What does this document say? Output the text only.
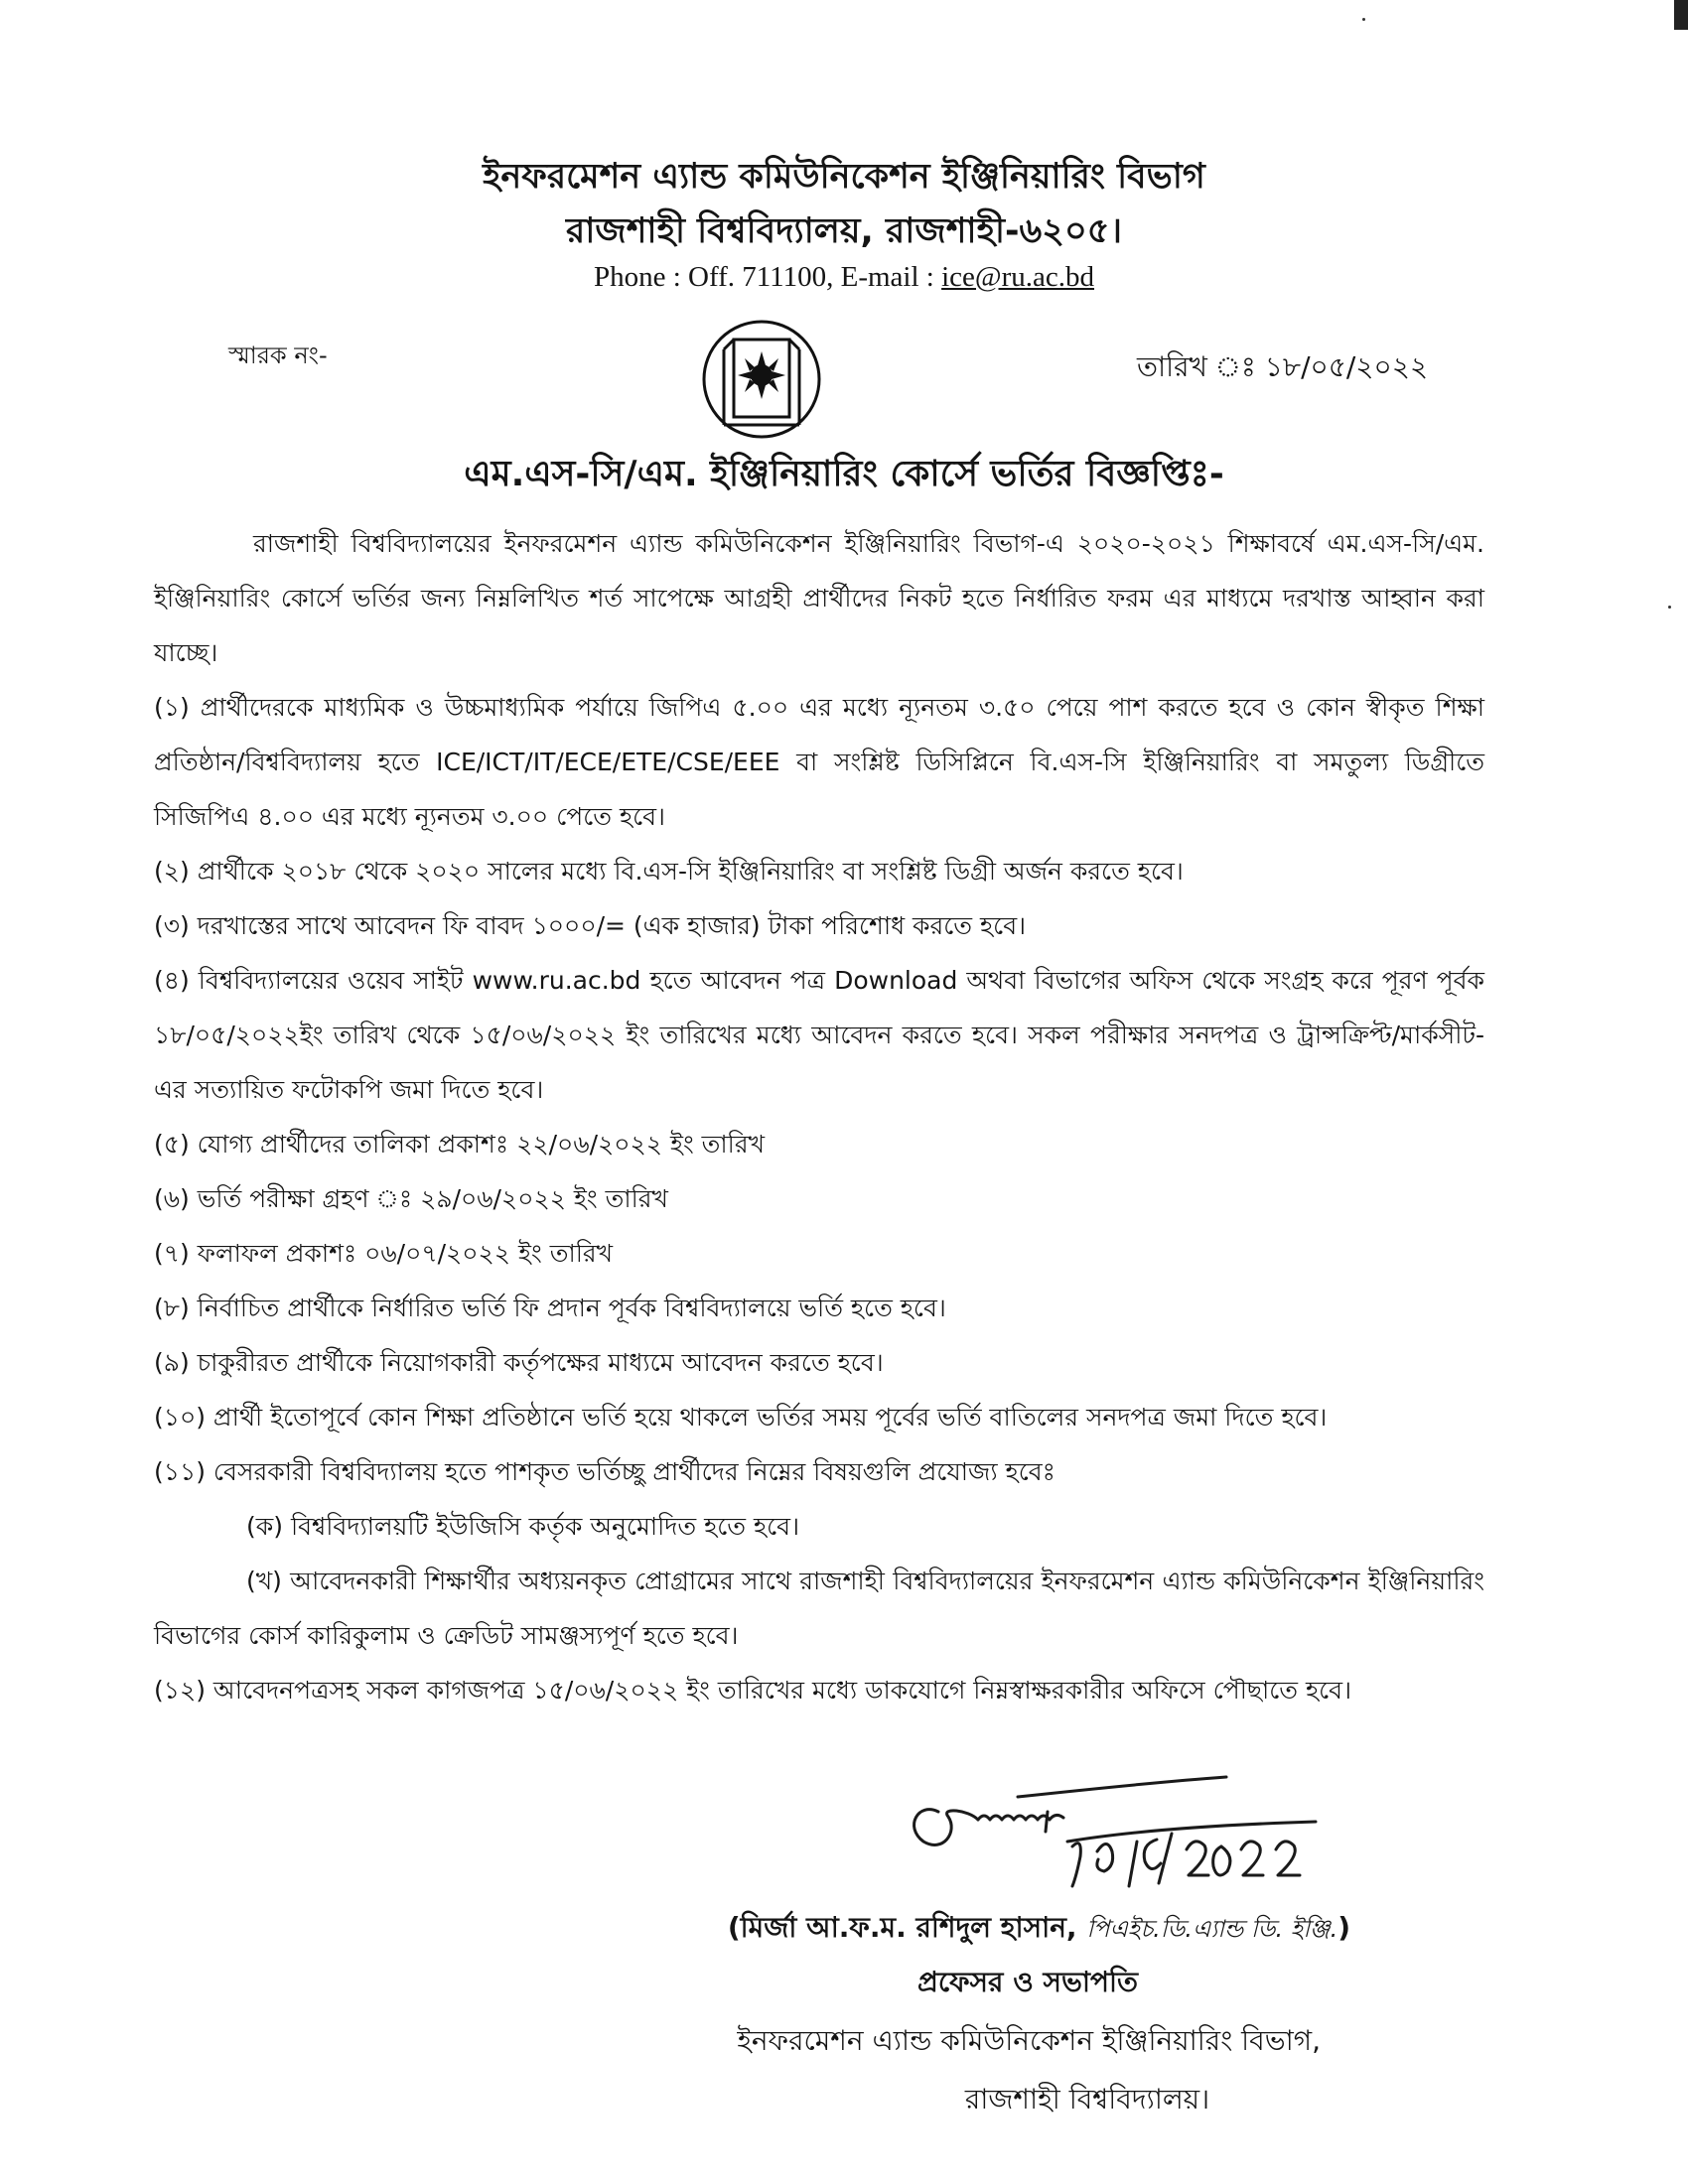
ইনফরমেশন এ্যান্ড কমিউনিকেশন ইঞ্জিনিয়ারিং বিভাগ
রাজশাহী বিশ্ববিদ্যালয়, রাজশাহী-৬২০৫।
Phone : Off. 711100, E-mail : ice@ru.ac.bd
স্মারক নং-	তারিখ ঃ ১৮/০৫/২০২২
এম.এস-সি/এম. ইঞ্জিনিয়ারিং কোর্সে ভর্তির বিজ্ঞপ্তিঃ-

রাজশাহী বিশ্ববিদ্যালয়ের ইনফরমেশন এ্যান্ড কমিউনিকেশন ইঞ্জিনিয়ারিং বিভাগ-এ ২০২০-২০২১ শিক্ষাবর্ষে এম.এস-সি/এম. ইঞ্জিনিয়ারিং কোর্সে ভর্তির জন্য নিম্নলিখিত শর্ত সাপেক্ষে আগ্রহী প্রার্থীদের নিকট হতে নির্ধারিত ফরম এর মাধ্যমে দরখাস্ত আহ্বান করা যাচ্ছে।

(১) প্রার্থীদেরকে মাধ্যমিক ও উচ্চমাধ্যমিক পর্যায়ে জিপিএ ৫.০০ এর মধ্যে ন্যূনতম ৩.৫০ পেয়ে পাশ করতে হবে ও কোন স্বীকৃত শিক্ষা প্রতিষ্ঠান/বিশ্ববিদ্যালয় হতে ICE/ICT/IT/ECE/ETE/CSE/EEE বা সংশ্লিষ্ট ডিসিপ্লিনে বি.এস-সি ইঞ্জিনিয়ারিং বা সমতুল্য ডিগ্রীতে সিজিপিএ ৪.০০ এর মধ্যে ন্যূনতম ৩.০০ পেতে হবে।

(২) প্রার্থীকে ২০১৮ থেকে ২০২০ সালের মধ্যে বি.এস-সি ইঞ্জিনিয়ারিং বা সংশ্লিষ্ট ডিগ্রী অর্জন করতে হবে।

(৩) দরখাস্তের সাথে আবেদন ফি বাবদ ১০০০/= (এক হাজার) টাকা পরিশোধ করতে হবে।

(৪) বিশ্ববিদ্যালয়ের ওয়েব সাইট www.ru.ac.bd হতে আবেদন পত্র Download অথবা বিভাগের অফিস থেকে সংগ্রহ করে পূরণ পূর্বক ১৮/০৫/২০২২ইং তারিখ থেকে ১৫/০৬/২০২২ ইং তারিখের মধ্যে আবেদন করতে হবে। সকল পরীক্ষার সনদপত্র ও ট্রান্সক্রিপ্ট/মার্কসীট-এর সত্যায়িত ফটোকপি জমা দিতে হবে।

(৫) যোগ্য প্রার্থীদের তালিকা প্রকাশঃ ২২/০৬/২০২২ ইং তারিখ

(৬) ভর্তি পরীক্ষা গ্রহণ ঃ ২৯/০৬/২০২২ ইং তারিখ

(৭) ফলাফল প্রকাশঃ ০৬/০৭/২০২২ ইং তারিখ

(৮) নির্বাচিত প্রার্থীকে নির্ধারিত ভর্তি ফি প্রদান পূর্বক বিশ্ববিদ্যালয়ে ভর্তি হতে হবে।

(৯) চাকুরীরত প্রার্থীকে নিয়োগকারী কর্তৃপক্ষের মাধ্যমে আবেদন করতে হবে।

(১০) প্রার্থী ইতোপূর্বে কোন শিক্ষা প্রতিষ্ঠানে ভর্তি হয়ে থাকলে ভর্তির সময় পূর্বের ভর্তি বাতিলের সনদপত্র জমা দিতে হবে।

(১১) বেসরকারী বিশ্ববিদ্যালয় হতে পাশকৃত ভর্তিচ্ছু প্রার্থীদের নিম্নের বিষয়গুলি প্রযোজ্য হবেঃ

(ক) বিশ্ববিদ্যালয়টি ইউজিসি কর্তৃক অনুমোদিত হতে হবে।

(খ) আবেদনকারী শিক্ষার্থীর অধ্যয়নকৃত প্রোগ্রামের সাথে রাজশাহী বিশ্ববিদ্যালয়ের ইনফরমেশন এ্যান্ড কমিউনিকেশন ইঞ্জিনিয়ারিং বিভাগের কোর্স কারিকুলাম ও ক্রেডিট সামঞ্জস্যপূর্ণ হতে হবে।

(১২) আবেদনপত্রসহ সকল কাগজপত্র ১৫/০৬/২০২২ ইং তারিখের মধ্যে ডাকযোগে নিম্নস্বাক্ষরকারীর অফিসে পৌছাতে হবে।

(মির্জা আ.ফ.ম. রশিদুল হাসান, পিএইচ.ডি.এ্যান্ড ডি. ইঞ্জি.)
প্রফেসর ও সভাপতি
ইনফরমেশন এ্যান্ড কমিউনিকেশন ইঞ্জিনিয়ারিং বিভাগ,
রাজশাহী বিশ্ববিদ্যালয়।
